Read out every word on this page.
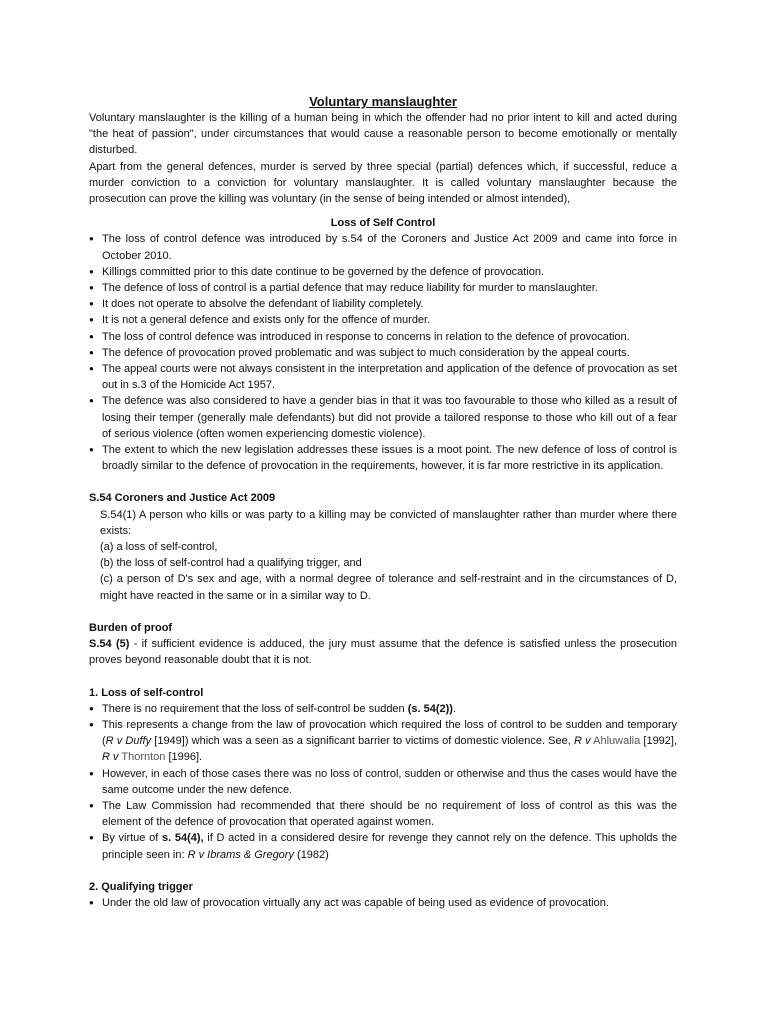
Voluntary manslaughter

Voluntary manslaughter is the killing of a human being in which the offender had no prior intent to kill and acted during "the heat of passion", under circumstances that would cause a reasonable person to become emotionally or mentally disturbed.

Apart from the general defences, murder is served by three special (partial) defences which, if successful, reduce a murder conviction to a conviction for voluntary manslaughter. It is called voluntary manslaughter because the prosecution can prove the killing was voluntary (in the sense of being intended or almost intended),

Loss of Self Control
● The loss of control defence was introduced by s.54 of the Coroners and Justice Act 2009 and came into force in October 2010.
● Killings committed prior to this date continue to be governed by the defence of provocation.
● The defence of loss of control is a partial defence that may reduce liability for murder to manslaughter.
● It does not operate to absolve the defendant of liability completely.
● It is not a general defence and exists only for the offence of murder.
● The loss of control defence was introduced in response to concerns in relation to the defence of provocation.
● The defence of provocation proved problematic and was subject to much consideration by the appeal courts.
● The appeal courts were not always consistent in the interpretation and application of the defence of provocation as set out in s.3 of the Homicide Act 1957.
● The defence was also considered to have a gender bias in that it was too favourable to those who killed as a result of losing their temper (generally male defendants) but did not provide a tailored response to those who kill out of a fear of serious violence (often women experiencing domestic violence).
● The extent to which the new legislation addresses these issues is a moot point. The new defence of loss of control is broadly similar to the defence of provocation in the requirements, however, it is far more restrictive in its application.

S.54 Coroners and Justice Act 2009

S.54(1) A person who kills or was party to a killing may be convicted of manslaughter rather than murder where there exists:

(a) a loss of self-control,

(b) the loss of self-control had a qualifying trigger, and

(c) a person of D's sex and age, with a normal degree of tolerance and self-restraint and in the circumstances of D, might have reacted in the same or in a similar way to D.

Burden of proof

S.54 (5) - if sufficient evidence is adduced, the jury must assume that the defence is satisfied unless the prosecution proves beyond reasonable doubt that it is not.

1. Loss of self-control

● There is no requirement that the loss of self-control be sudden (s. 54(2)).
● This represents a change from the law of provocation which required the loss of control to be sudden and temporary (R v Duffy [1949]) which was a seen as a significant barrier to victims of domestic violence. See, R v Ahluwalia [1992], R v Thornton [1996].
● However, in each of those cases there was no loss of control, sudden or otherwise and thus the cases would have the same outcome under the new defence.
● The Law Commission had recommended that there should be no requirement of loss of control as this was the element of the defence of provocation that operated against women.
● By virtue of s. 54(4), if D acted in a considered desire for revenge they cannot rely on the defence. This upholds the principle seen in: R v Ibrams & Gregory (1982)

2. Qualifying trigger

● Under the old law of provocation virtually any act was capable of being used as evidence of provocation.
